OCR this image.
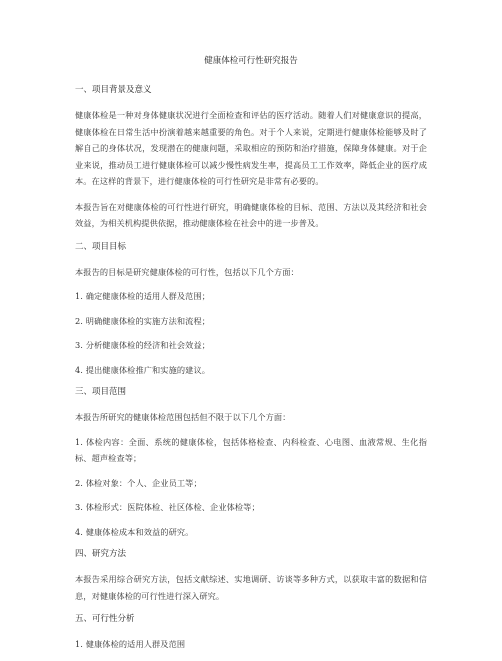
健康体检可行性研究报告
一、项目背景及意义
健康体检是一种对身体健康状况进行全面检查和评估的医疗活动。随着人们对健康意识的提高，健康体检在日常生活中扮演着越来越重要的角色。对于个人来说，定期进行健康体检能够及时了解自己的身体状况，发现潜在的健康问题，采取相应的预防和治疗措施，保障身体健康。对于企业来说，推动员工进行健康体检可以减少慢性病发生率，提高员工工作效率，降低企业的医疗成本。在这样的背景下，进行健康体检的可行性研究是非常有必要的。
本报告旨在对健康体检的可行性进行研究，明确健康体检的目标、范围、方法以及其经济和社会效益，为相关机构提供依据，推动健康体检在社会中的进一步普及。
二、项目目标
本报告的目标是研究健康体检的可行性，包括以下几个方面：
1. 确定健康体检的适用人群及范围；
2. 明确健康体检的实施方法和流程；
3. 分析健康体检的经济和社会效益；
4. 提出健康体检推广和实施的建议。
三、项目范围
本报告所研究的健康体检范围包括但不限于以下几个方面：
1. 体检内容：全面、系统的健康体检，包括体格检查、内科检查、心电图、血液常规、生化指标、超声检查等；
2. 体检对象：个人、企业员工等；
3. 体检形式：医院体检、社区体检、企业体检等；
4. 健康体检成本和效益的研究。
四、研究方法
本报告采用综合研究方法，包括文献综述、实地调研、访谈等多种方式，以获取丰富的数据和信息，对健康体检的可行性进行深入研究。
五、可行性分析
1. 健康体检的适用人群及范围
